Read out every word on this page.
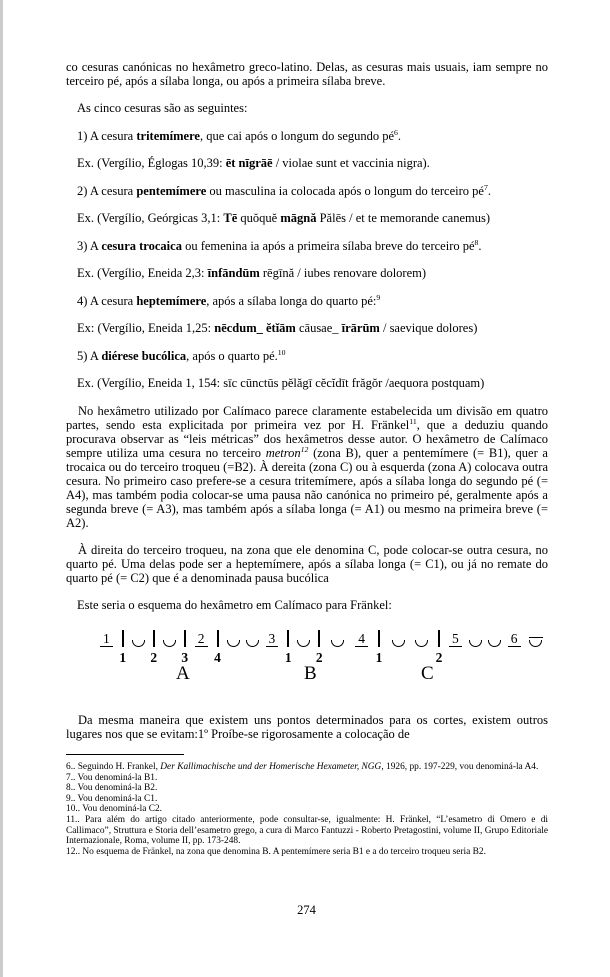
co cesuras canónicas no hexâmetro greco-latino. Delas, as cesuras mais usuais, iam sempre no terceiro pé, após a sílaba longa, ou após a primeira sílaba breve.

As cinco cesuras são as seguintes:

1) A cesura tritemímere, que cai após o longum do segundo $pé^6$.

Ex. (Vergílio, Églogas 10,39: ēt nīgrāē / violae sunt et vaccinia nigra).

2) A cesura pentemímere ou masculina ia colocada após o longum do terceiro $pé^7$.

Ex. (Vergílio, Geórgicas 3,1: Tē quŏquĕ māgnă Pălēs / et te memorande canemus)

3) A cesura trocaica ou femenina ia após a primeira sílaba breve do terceiro $pé^8$.

Ex. (Vergílio, Eneida 2,3: īnfāndūm rēgīnă / iubes renovare dolorem)

4) A cesura heptemímere, após a sílaba longa do quarto pé:$^9$

Ex: (Vergílio, Eneida 1,25: nēcdum_ ĕtĭām cāusae_ īrārūm / saevique dolores)

5) A diérese bucólica, após o quarto pé.$^{10}$

Ex. (Vergílio, Eneida 1, 154: sīc cūnctūs pĕlăgī cĕcĭdīt frăgŏr /aequora postquam)

No hexâmetro utilizado por Calímaco parece claramente estabelecida um divisão em quatro partes, sendo esta explicitada por primeira vez por H. Fränkel$^{11}$, que a deduziu quando procurava observar as “leis métricas” dos hexâmetros desse autor. O hexâmetro de Calímaco sempre utiliza uma cesura no terceiro metron$^{12}$ (zona B), quer a pentemímere (= B1), quer a trocaica ou do terceiro troqueu (=B2). À dereita (zona C) ou à esquerda (zona A) colocava outra cesura. No primeiro caso prefere-se a cesura tritemímere, após a sílaba longa do segundo pé (= A4), mas também podia colocar-se uma pausa não canónica no primeiro pé, geralmente após a segunda breve (= A3), mas também após a sílaba longa (= A1) ou mesmo na primeira breve (= A2).

À direita do terceiro troqueu, na zona que ele denomina C, pode colocar-se outra cesura, no quarto pé. Uma delas pode ser a heptemímere, após a sílaba longa (= C1), ou já no remate do quarto pé (= C2) que é a denominada pausa bucólica

Este seria o esquema do hexâmetro em Calímaco para Fränkel:

1
1 2 3
2
4
3
1 2
4
1	2
5	6
A	B	C

Da mesma maneira que existem uns pontos determinados para os cortes, existem outros lugares nos que se evitam:1º Proíbe-se rigorosamente a colocação de

6.. Seguindo H. Frankel, Der Kallimachische und der Homerische Hexameter, NGG, 1926, pp. 197-229, vou denominá-la A4.

7.. Vou denominá-la B1.

8.. Vou denominá-la B2.

9.. Vou denominá-la C1.

10.. Vou denominá-la C2.

11.. Para além do artigo citado anteriormente, pode consultar-se, igualmente: H. Fränkel, “L’esametro di Omero e di Callimaco”, Struttura e Storia dell’esametro grego, a cura di Marco Fantuzzi - Roberto Pretagostini, volume II, Grupo Editoriale Internazionale, Roma, volume II, pp. 173-248.

12.. No esquema de Fränkel, na zona que denomina B. A pentemímere seria B1 e a do terceiro troqueu seria B2.

274
